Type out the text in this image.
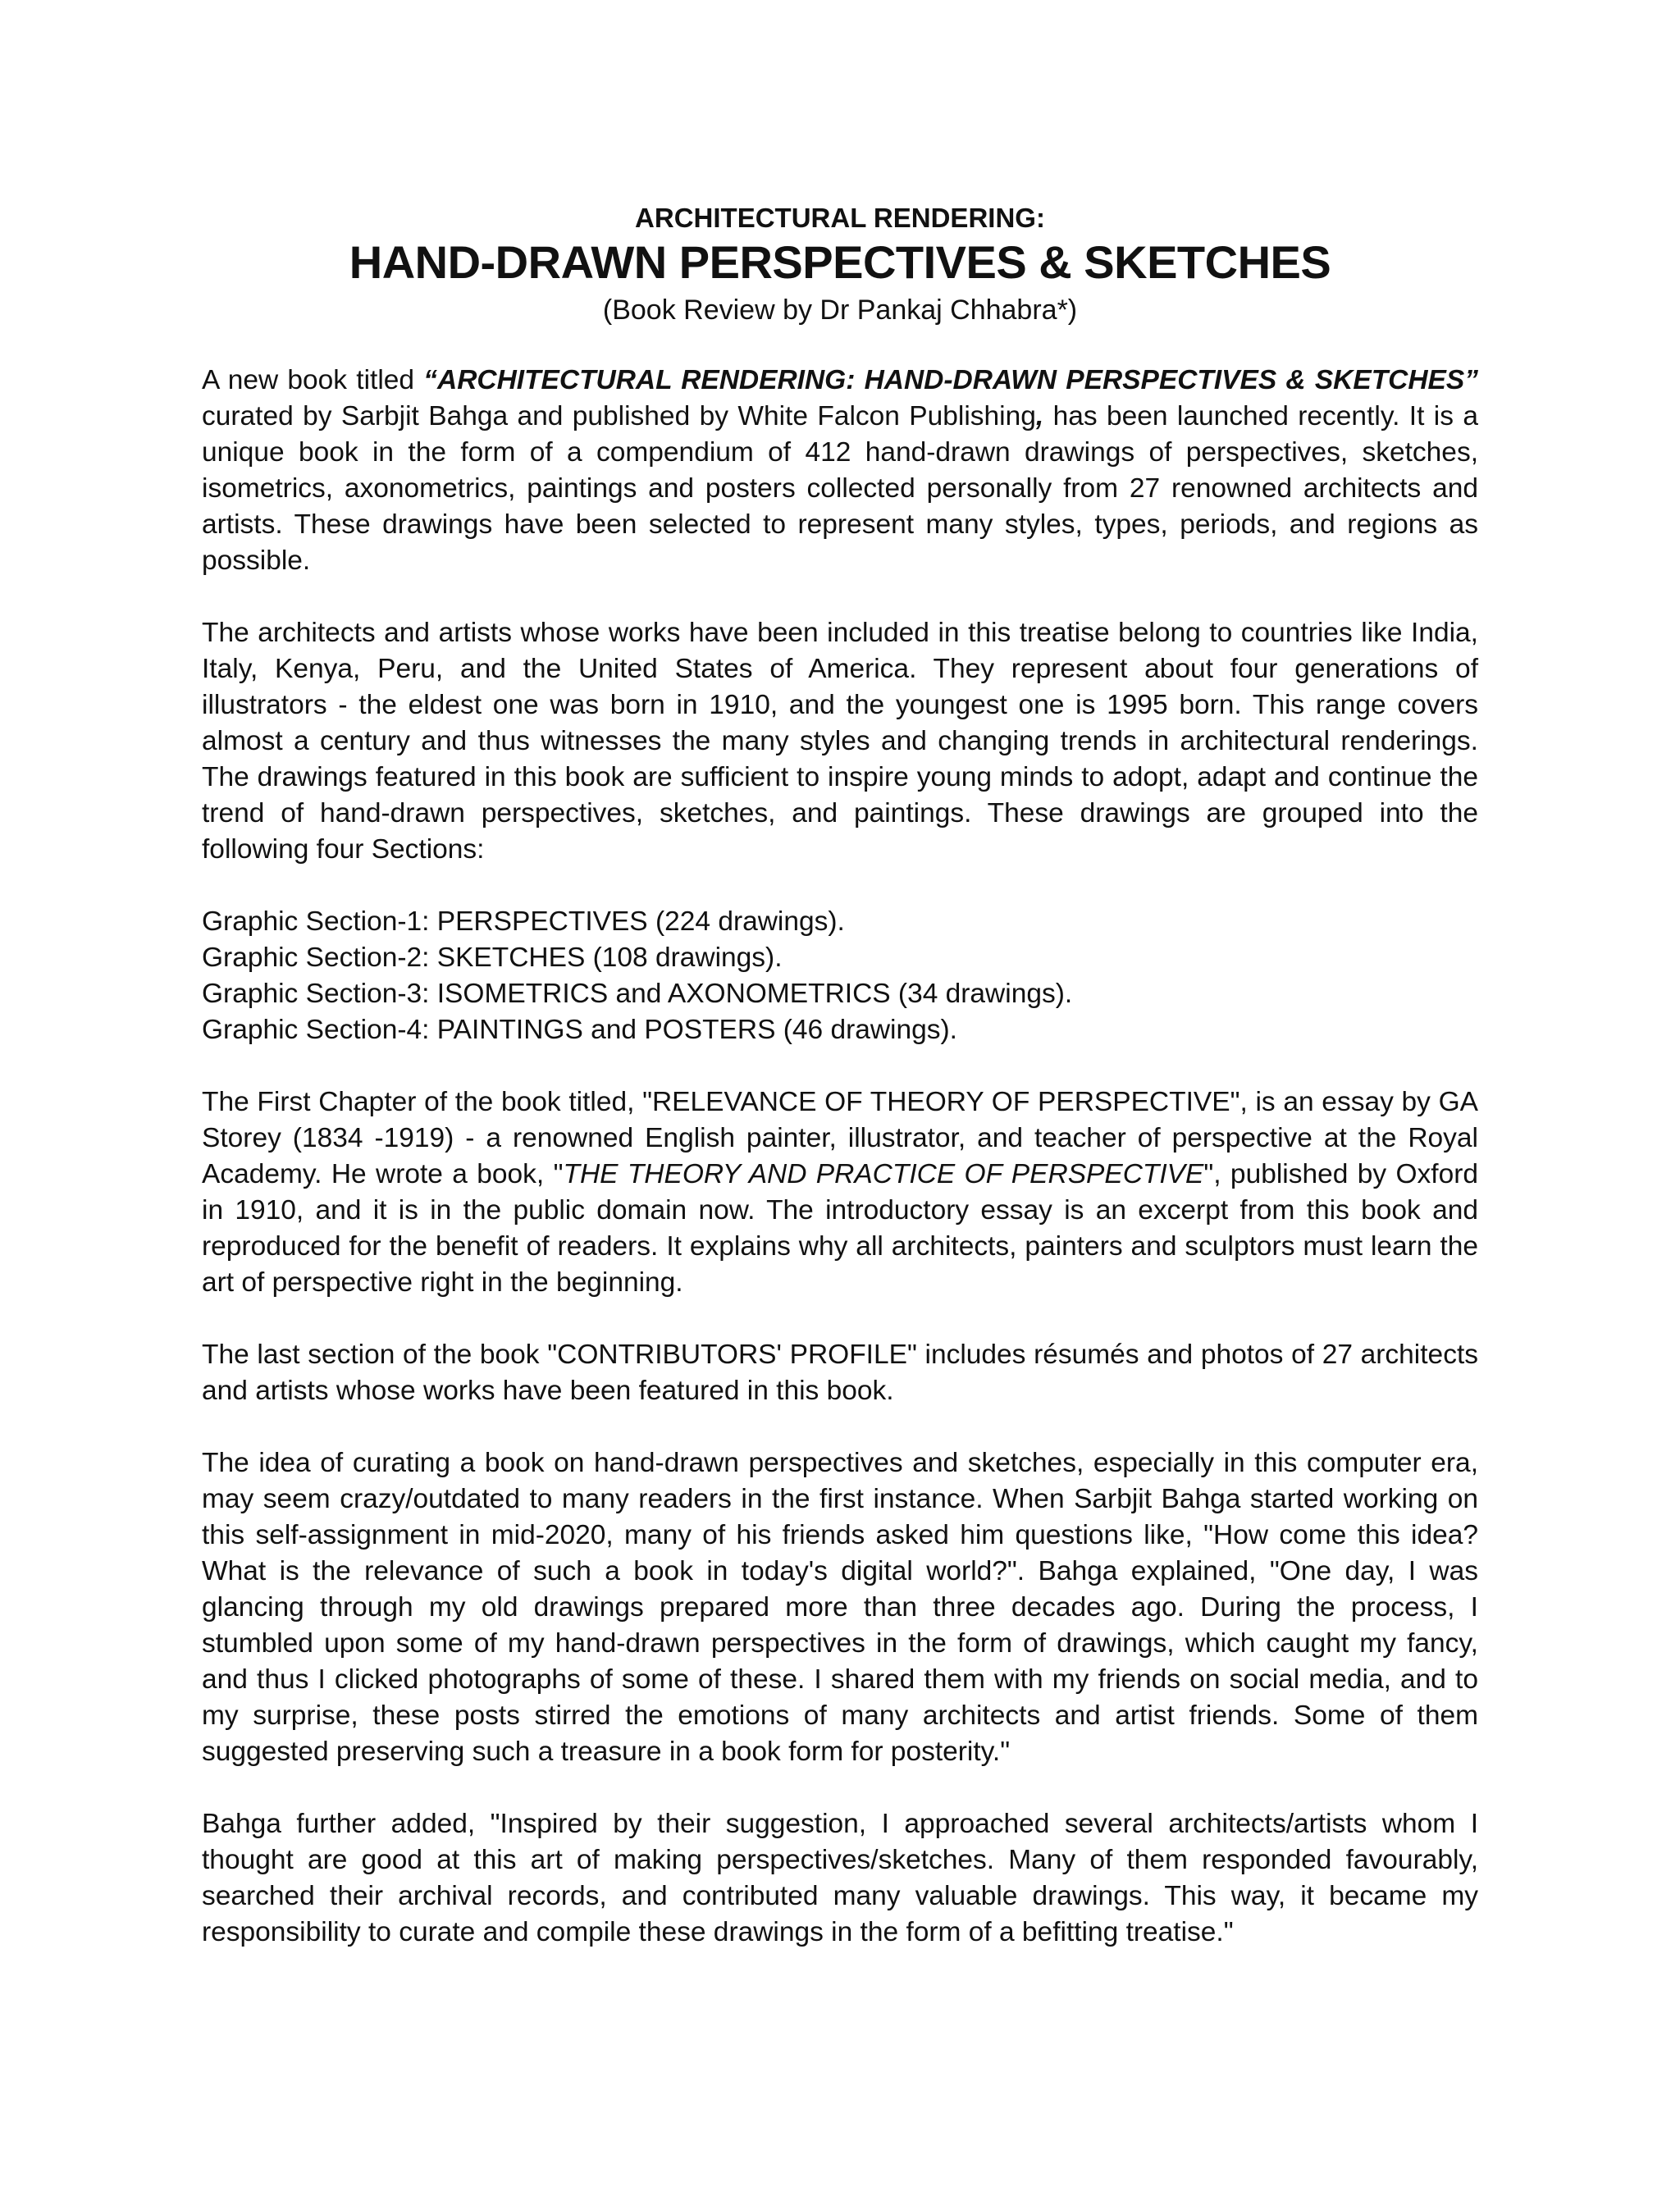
ARCHITECTURAL RENDERING:

HAND-DRAWN PERSPECTIVES & SKETCHES

(Book Review by Dr Pankaj Chhabra*)

A new book titled “ARCHITECTURAL RENDERING: HAND-DRAWN PERSPECTIVES & SKETCHES” curated by Sarbjit Bahga and published by White Falcon Publishing, has been launched recently. It is a unique book in the form of a compendium of 412 hand-drawn drawings of perspectives, sketches, isometrics, axonometrics, paintings and posters collected personally from 27 renowned architects and artists. These drawings have been selected to represent many styles, types, periods, and regions as possible.

The architects and artists whose works have been included in this treatise belong to countries like India, Italy, Kenya, Peru, and the United States of America. They represent about four generations of illustrators - the eldest one was born in 1910, and the youngest one is 1995 born. This range covers almost a century and thus witnesses the many styles and changing trends in architectural renderings. The drawings featured in this book are sufficient to inspire young minds to adopt, adapt and continue the trend of hand-drawn perspectives, sketches, and paintings. These drawings are grouped into the following four Sections:

Graphic Section-1: PERSPECTIVES (224 drawings).
Graphic Section-2: SKETCHES (108 drawings).
Graphic Section-3: ISOMETRICS and AXONOMETRICS (34 drawings).
Graphic Section-4: PAINTINGS and POSTERS (46 drawings).

The First Chapter of the book titled, "RELEVANCE OF THEORY OF PERSPECTIVE", is an essay by GA Storey (1834 -1919) - a renowned English painter, illustrator, and teacher of perspective at the Royal Academy. He wrote a book, "THE THEORY AND PRACTICE OF PERSPECTIVE", published by Oxford in 1910, and it is in the public domain now. The introductory essay is an excerpt from this book and reproduced for the benefit of readers. It explains why all architects, painters and sculptors must learn the art of perspective right in the beginning.

The last section of the book "CONTRIBUTORS' PROFILE" includes résumés and photos of 27 architects and artists whose works have been featured in this book.

The idea of curating a book on hand-drawn perspectives and sketches, especially in this computer era, may seem crazy/outdated to many readers in the first instance. When Sarbjit Bahga started working on this self-assignment in mid-2020, many of his friends asked him questions like, "How come this idea? What is the relevance of such a book in today's digital world?". Bahga explained, "One day, I was glancing through my old drawings prepared more than three decades ago. During the process, I stumbled upon some of my hand-drawn perspectives in the form of drawings, which caught my fancy, and thus I clicked photographs of some of these. I shared them with my friends on social media, and to my surprise, these posts stirred the emotions of many architects and artist friends. Some of them suggested preserving such a treasure in a book form for posterity."

Bahga further added, "Inspired by their suggestion, I approached several architects/artists whom I thought are good at this art of making perspectives/sketches. Many of them responded favourably, searched their archival records, and contributed many valuable drawings. This way, it became my responsibility to curate and compile these drawings in the form of a befitting treatise."
